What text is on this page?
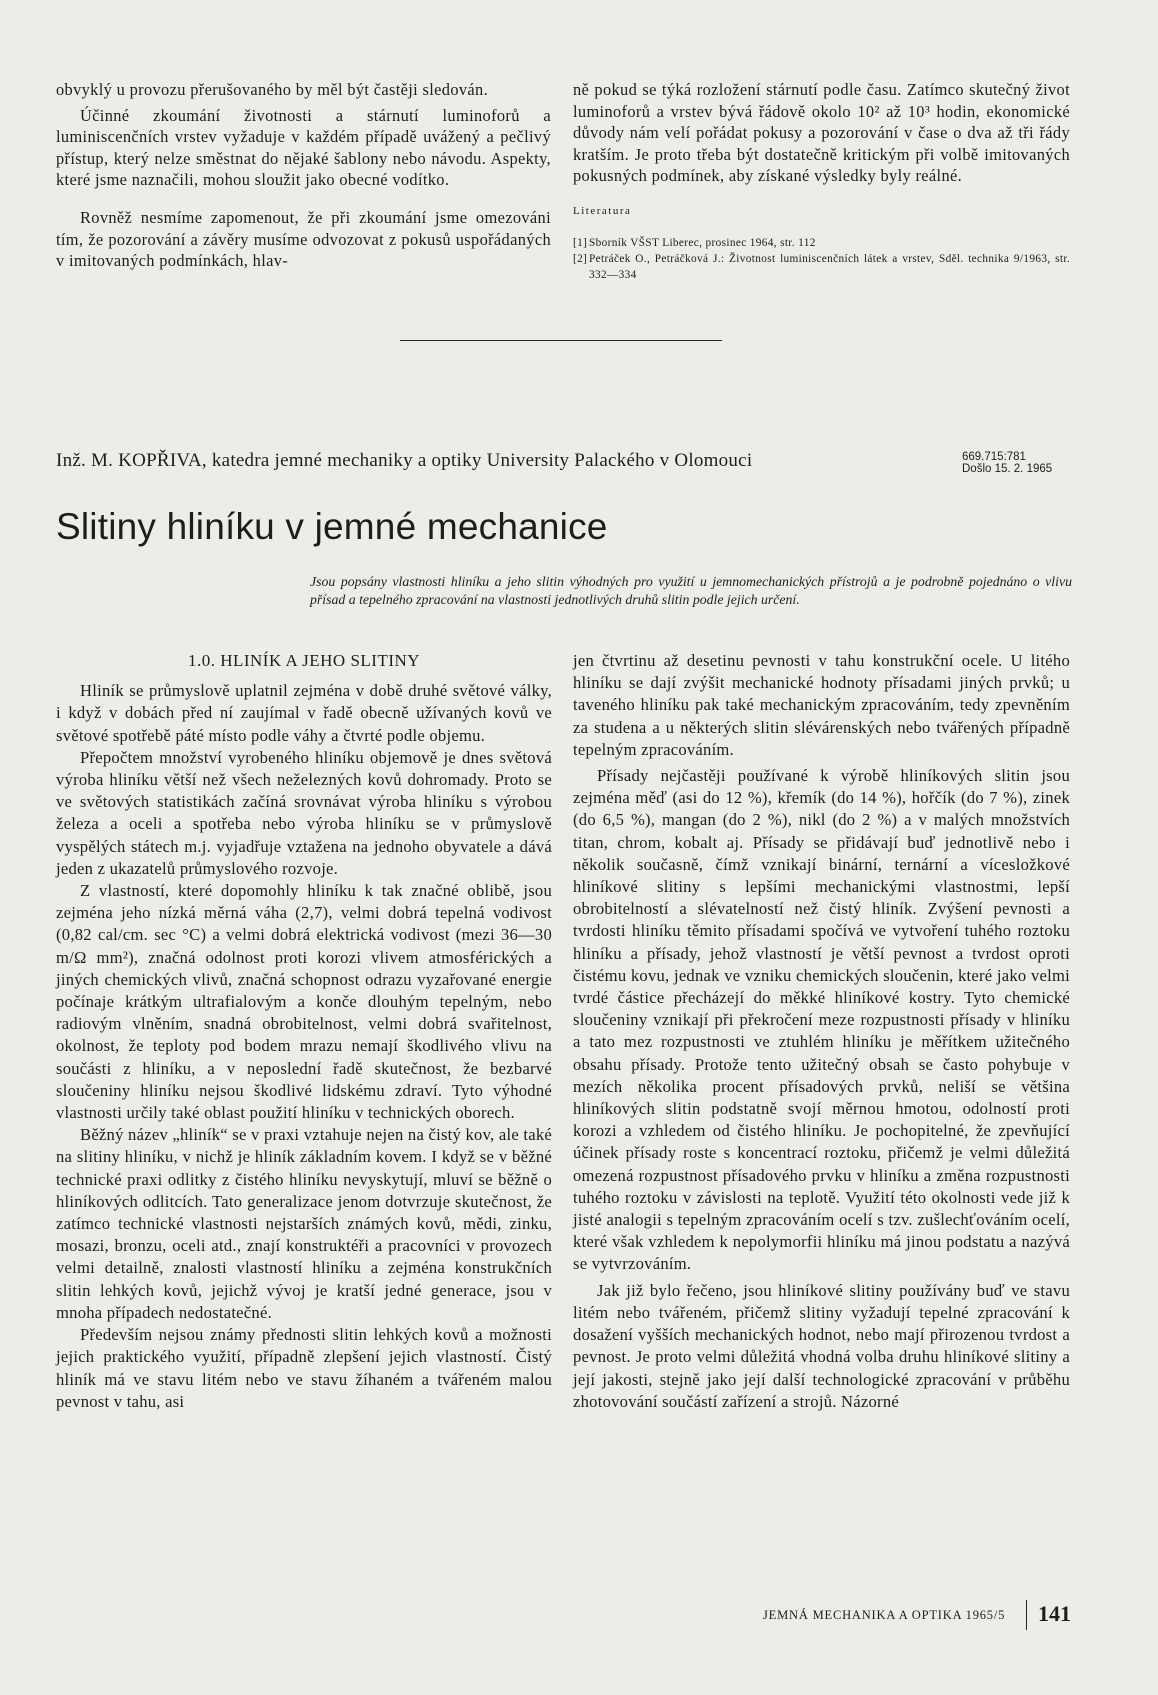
obvyklý u provozu přerušovaného by měl být častěji sledován.

Účinné zkoumání životnosti a stárnutí luminoforů a luminiscenčních vrstev vyžaduje v každém případě uvážený a pečlivý přístup, který nelze směstnat do nějaké šablony nebo návodu. Aspekty, které jsme naznačili, mohou sloužit jako obecné vodítko.

Rovněž nesmíme zapomenout, že při zkoumání jsme omezováni tím, že pozorování a závěry musíme odvozovat z pokusů uspořádaných v imitovaných podmínkách, hlav-

ně pokud se týká rozložení stárnutí podle času. Zatímco skutečný život luminoforů a vrstev bývá řádově okolo 10² až 10³ hodin, ekonomické důvody nám velí pořádat pokusy a pozorování v čase o dva až tři řády kratším. Je proto třeba být dostatečně kritickým při volbě imitovaných pokusných podmínek, aby získané výsledky byly reálné.

Literatura

[1] Sborník VŠST Liberec, prosinec 1964, str. 112
[2] Petráček O., Petráčková J.: Životnost luminiscenčních látek a vrstev, Sděl. technika 9/1963, str. 332—334
Inž. M. KOPŘIVA, katedra jemné mechaniky a optiky University Palackého v Olomouci	669.715:781
Došlo 15. 2. 1965
Slitiny hliníku v jemné mechanice

Jsou popsány vlastnosti hliníku a jeho slitin výhodných pro využití u jemnomechanických přístrojů a je podrobně pojednáno o vlivu přísad a tepelného zpracování na vlastnosti jednotlivých druhů slitin podle jejich určení.

1.0. HLINÍK A JEHO SLITINY

Hliník se průmyslově uplatnil zejména v době druhé světové války, i když v dobách před ní zaujímal v řadě obecně užívaných kovů ve světové spotřebě páté místo podle váhy a čtvrté podle objemu.

Přepočtem množství vyrobeného hliníku objemově je dnes světová výroba hliníku větší než všech neželezných kovů dohromady. Proto se ve světových statistikách začíná srovnávat výroba hliníku s výrobou železa a oceli a spotřeba nebo výroba hliníku se v průmyslově vyspělých státech m.j. vyjadřuje vztažena na jednoho obyvatele a dává jeden z ukazatelů průmyslového rozvoje.

Z vlastností, které dopomohly hliníku k tak značné oblibě, jsou zejména jeho nízká měrná váha (2,7), velmi dobrá tepelná vodivost (0,82 cal/cm. sec °C) a velmi dobrá elektrická vodivost (mezi 36—30 m/Ω mm²), značná odolnost proti korozi vlivem atmosférických a jiných chemických vlivů, značná schopnost odrazu vyzařované energie počínaje krátkým ultrafialovým a konče dlouhým tepelným, nebo radiovým vlněním, snadná obrobitelnost, velmi dobrá svařitelnost, okolnost, že teploty pod bodem mrazu nemají škodlivého vlivu na součásti z hliníku, a v neposlední řadě skutečnost, že bezbarvé sloučeniny hliníku nejsou škodlivé lidskému zdraví. Tyto výhodné vlastnosti určily také oblast použití hliníku v technických oborech.

Běžný název „hliník“ se v praxi vztahuje nejen na čistý kov, ale také na slitiny hliníku, v nichž je hliník základním kovem. I když se v běžné technické praxi odlitky z čistého hliníku nevyskytují, mluví se běžně o hliníkových odlitcích. Tato generalizace jenom dotvrzuje skutečnost, že zatímco technické vlastnosti nejstarších známých kovů, mědi, zinku, mosazi, bronzu, oceli atd., znají konstruktéři a pracovníci v provozech velmi detailně, znalosti vlastností hliníku a zejména konstrukčních slitin lehkých kovů, jejichž vývoj je kratší jedné generace, jsou v mnoha případech nedostatečné.

Především nejsou známy přednosti slitin lehkých kovů a možnosti jejich praktického využití, případně zlepšení jejich vlastností. Čistý hliník má ve stavu litém nebo ve stavu žíhaném a tvářeném malou pevnost v tahu, asi

jen čtvrtinu až desetinu pevnosti v tahu konstrukční ocele. U litého hliníku se dají zvýšit mechanické hodnoty přísadami jiných prvků; u taveného hliníku pak také mechanickým zpracováním, tedy zpevněním za studena a u některých slitin slévárenských nebo tvářených případně tepelným zpracováním.

Přísady nejčastěji používané k výrobě hliníkových slitin jsou zejména měď (asi do 12 %), křemík (do 14 %), hořčík (do 7 %), zinek (do 6,5 %), mangan (do 2 %), nikl (do 2 %) a v malých množstvích titan, chrom, kobalt aj. Přísady se přidávají buď jednotlivě nebo i několik současně, čímž vznikají binární, ternární a vícesložkové hliníkové slitiny s lepšími mechanickými vlastnostmi, lepší obrobitelností a slévatelností než čistý hliník. Zvýšení pevnosti a tvrdosti hliníku těmito přísadami spočívá ve vytvoření tuhého roztoku hliníku a přísady, jehož vlastností je větší pevnost a tvrdost oproti čistému kovu, jednak ve vzniku chemických sloučenin, které jako velmi tvrdé částice přecházejí do měkké hliníkové kostry. Tyto chemické sloučeniny vznikají při překročení meze rozpustnosti přísady v hliníku a tato mez rozpustnosti ve ztuhlém hliníku je měřítkem užitečného obsahu přísady. Protože tento užitečný obsah se často pohybuje v mezích několika procent přísadových prvků, neliší se většina hliníkových slitin podstatně svojí měrnou hmotou, odolností proti korozi a vzhledem od čistého hliníku. Je pochopitelné, že zpevňující účinek přísady roste s koncentrací roztoku, přičemž je velmi důležitá omezená rozpustnost přísadového prvku v hliníku a změna rozpustnosti tuhého roztoku v závislosti na teplotě. Využití této okolnosti vede již k jisté analogii s tepelným zpracováním ocelí s tzv. zušlechťováním ocelí, které však vzhledem k nepolymorfii hliníku má jinou podstatu a nazývá se vytvrzováním.

Jak již bylo řečeno, jsou hliníkové slitiny používány buď ve stavu litém nebo tvářeném, přičemž slitiny vyžadují tepelné zpracování k dosažení vyšších mechanických hodnot, nebo mají přirozenou tvrdost a pevnost. Je proto velmi důležitá vhodná volba druhu hliníkové slitiny a její jakosti, stejně jako její další technologické zpracování v průběhu zhotovování součástí zařízení a strojů. Názorné

JEMNÁ MECHANIKA A OPTIKA 1965/5 141
